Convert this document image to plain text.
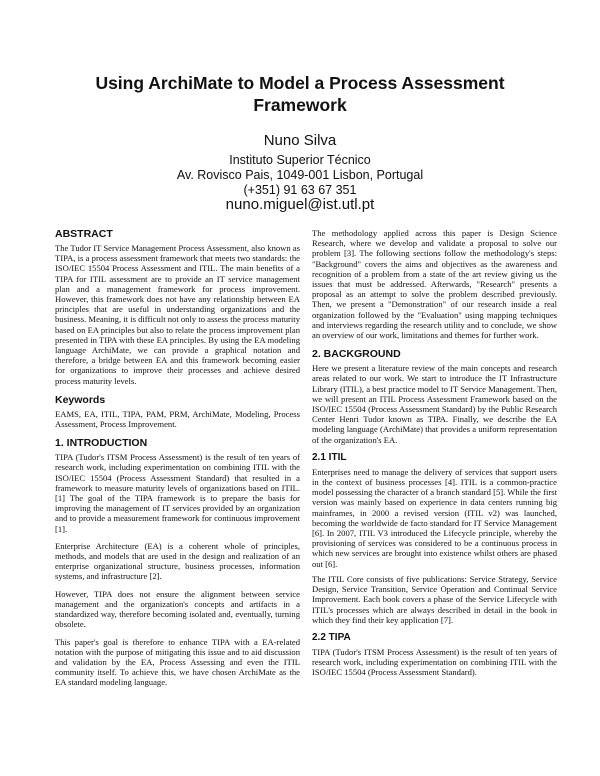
Using ArchiMate to Model a Process Assessment Framework

Nuno Silva

Instituto Superior Técnico

Av. Rovisco Pais, 1049-001 Lisbon, Portugal

(+351) 91 63 67 351

nuno.miguel@ist.utl.pt

ABSTRACT

The Tudor IT Service Management Process Assessment, also known as TIPA, is a process assessment framework that meets two standards: the ISO/IEC 15504 Process Assessment and ITIL. The main benefits of a TIPA for ITIL assessment are to provide an IT service management plan and a management framework for process improvement. However, this framework does not have any relationship between EA principles that are useful in understanding organizations and the business. Meaning, it is difficult not only to assess the process maturity based on EA principles but also to relate the process improvement plan presented in TIPA with these EA principles. By using the EA modeling language ArchiMate, we can provide a graphical notation and therefore, a bridge between EA and this framework becoming easier for organizations to improve their processes and achieve desired process maturity levels.

Keywords

EAMS, EA, ITIL, TIPA, PAM, PRM, ArchiMate, Modeling, Process Assessment, Process Improvement.

1. INTRODUCTION

TIPA (Tudor's ITSM Process Assessment) is the result of ten years of research work, including experimentation on combining ITIL with the ISO/IEC 15504 (Process Assessment Standard) that resulted in a framework to measure maturity levels of organizations based on ITIL. [1] The goal of the TIPA framework is to prepare the basis for improving the management of IT services provided by an organization and to provide a measurement framework for continuous improvement [1].

Enterprise Architecture (EA) is a coherent whole of principles, methods, and models that are used in the design and realization of an enterprise organizational structure, business processes, information systems, and infrastructure [2].

However, TIPA does not ensure the alignment between service management and the organization's concepts and artifacts in a standardized way, therefore becoming isolated and, eventually, turning obsolete.

This paper's goal is therefore to enhance TIPA with a EA-related notation with the purpose of mitigating this issue and to aid discussion and validation by the EA, Process Assessing and even the ITIL community itself. To achieve this, we have chosen ArchiMate as the EA standard modeling language.

The methodology applied across this paper is Design Science Research, where we develop and validate a proposal to solve our problem [3]. The following sections follow the methodology's steps: "Background" covers the aims and objectives as the awareness and recognition of a problem from a state of the art review giving us the issues that must be addressed. Afterwards, "Research" presents a proposal as an attempt to solve the problem described previously. Then, we present a "Demonstration" of our research inside a real organization followed by the "Evaluation" using mapping techniques and interviews regarding the research utility and to conclude, we show an overview of our work, limitations and themes for further work.

2. BACKGROUND

Here we present a literature review of the main concepts and research areas related to our work. We start to introduce the IT Infrastructure Library (ITIL), a best practice model to IT Service Management. Then, we will present an ITIL Process Assessment Framework based on the ISO/IEC 15504 (Process Assessment Standard) by the Public Research Center Henri Tudor known as TIPA. Finally, we describe the EA modeling language (ArchiMate) that provides a uniform representation of the organization's EA.

2.1 ITIL

Enterprises need to manage the delivery of services that support users in the context of business processes [4]. ITIL is a common-practice model possessing the character of a branch standard [5]. While the first version was mainly based on experience in data centers running big mainframes, in 2000 a revised version (ITIL v2) was launched, becoming the worldwide de facto standard for IT Service Management [6]. In 2007, ITIL V3 introduced the Lifecycle principle, whereby the provisioning of services was considered to be a continuous process in which new services are brought into existence whilst others are phased out [6].

The ITIL Core consists of five publications: Service Strategy, Service Design, Service Transition, Service Operation and Continual Service Improvement. Each book covers a phase of the Service Lifecycle with ITIL's processes which are always described in detail in the book in which they find their key application [7].

2.2 TIPA

TIPA (Tudor's ITSM Process Assessment) is the result of ten years of research work, including experimentation on combining ITIL with the ISO/IEC 15504 (Process Assessment Standard).
